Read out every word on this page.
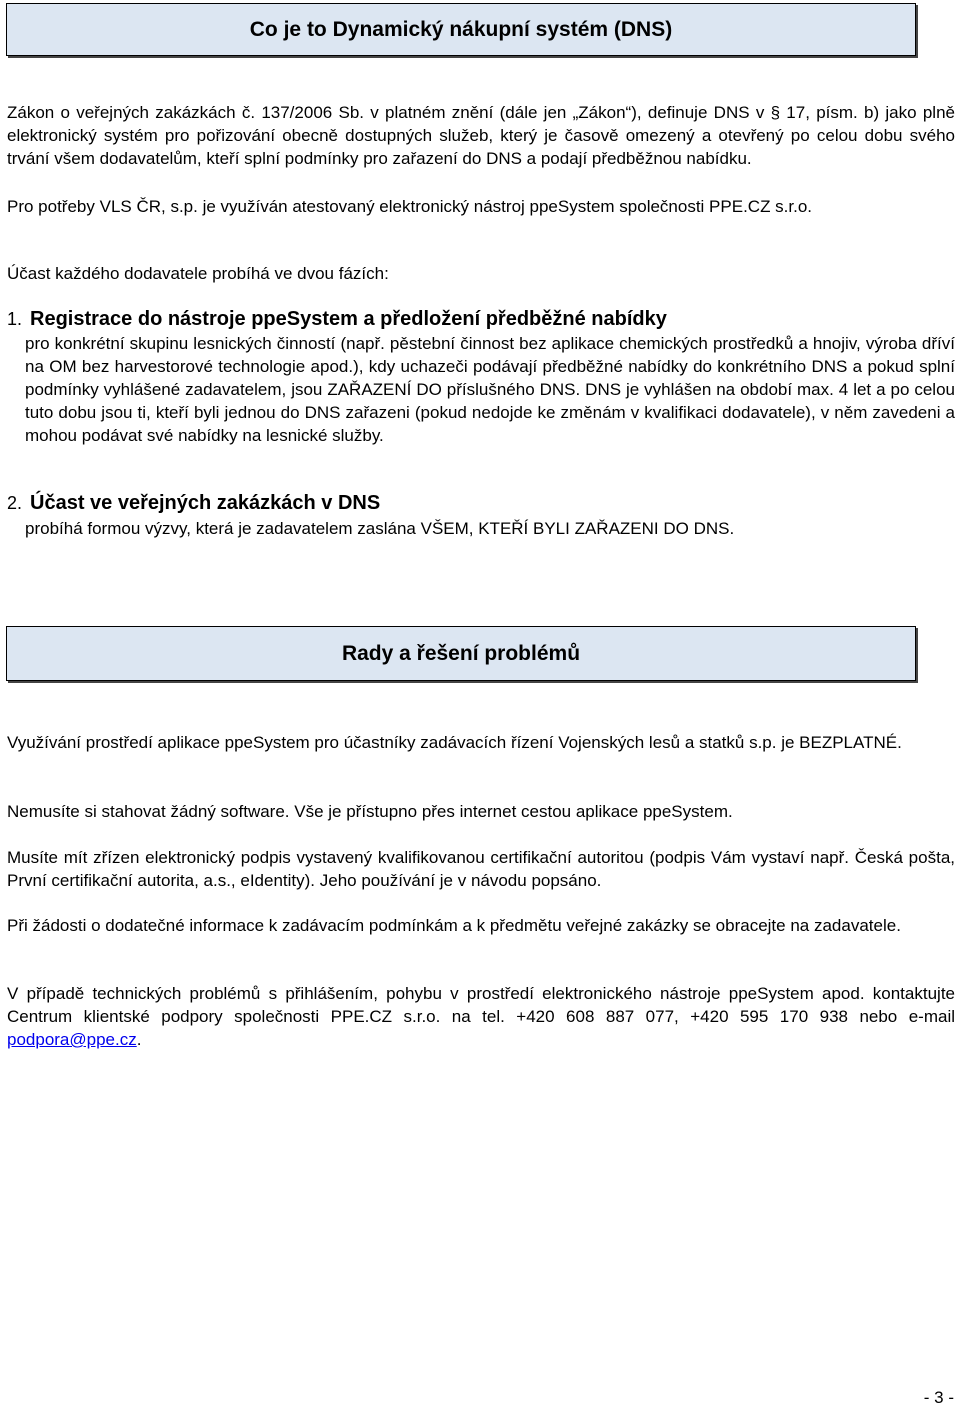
Co je to Dynamický nákupní systém (DNS)
Zákon o veřejných zakázkách č. 137/2006 Sb. v platném znění (dále jen „Zákon“), definuje DNS v § 17, písm. b) jako plně elektronický systém pro pořizování obecně dostupných služeb, který je časově omezený a otevřený po celou dobu svého trvání všem dodavatelům, kteří splní podmínky pro zařazení do DNS a podají předběžnou nabídku.
Pro potřeby VLS ČR, s.p. je využíván atestovaný elektronický nástroj ppeSystem společnosti PPE.CZ s.r.o.
Účast každého dodavatele probíhá ve dvou fázích:
1. Registrace do nástroje ppeSystem a předložení předběžné nabídky
pro konkrétní skupinu lesnických činností (např. pěstební činnost bez aplikace chemických prostředků a hnojiv, výroba dříví na OM bez harvestorové technologie apod.), kdy uchazeči podávají předběžné nabídky do konkrétního DNS a pokud splní podmínky vyhlášené zadavatelem, jsou ZAŘAZENÍ DO příslušného DNS. DNS je vyhlášen na období max. 4 let a po celou tuto dobu jsou ti, kteří byli jednou do DNS zařazeni (pokud nedojde ke změnám v kvalifikaci dodavatele), v něm zavedeni a mohou podávat své nabídky na lesnické služby.
2. Účast ve veřejných zakázkách v DNS
probíhá formou výzvy, která je zadavatelem zaslána VŠEM, KTEŘÍ BYLI ZAŘAZENI DO DNS.
Rady a řešení problémů
Využívání prostředí aplikace ppeSystem pro účastníky zadávacích řízení Vojenských lesů a statků s.p. je BEZPLATNÉ.
Nemusíte si stahovat žádný software. Vše je přístupno přes internet cestou aplikace ppeSystem.
Musíte mít zřízen elektronický podpis vystavený kvalifikovanou certifikační autoritou (podpis Vám vystaví např. Česká pošta, První certifikační autorita, a.s., eIdentity). Jeho používání je v návodu popsáno.
Při žádosti o dodatečné informace k zadávacím podmínkám a k předmětu veřejné zakázky se obracejte na zadavatele.
V případě technických problémů s přihlášením, pohybu v prostředí elektronického nástroje ppeSystem apod. kontaktujte Centrum klientské podpory společnosti PPE.CZ s.r.o. na tel. +420 608 887 077, +420 595 170 938 nebo e-mail podpora@ppe.cz.
- 3 -
